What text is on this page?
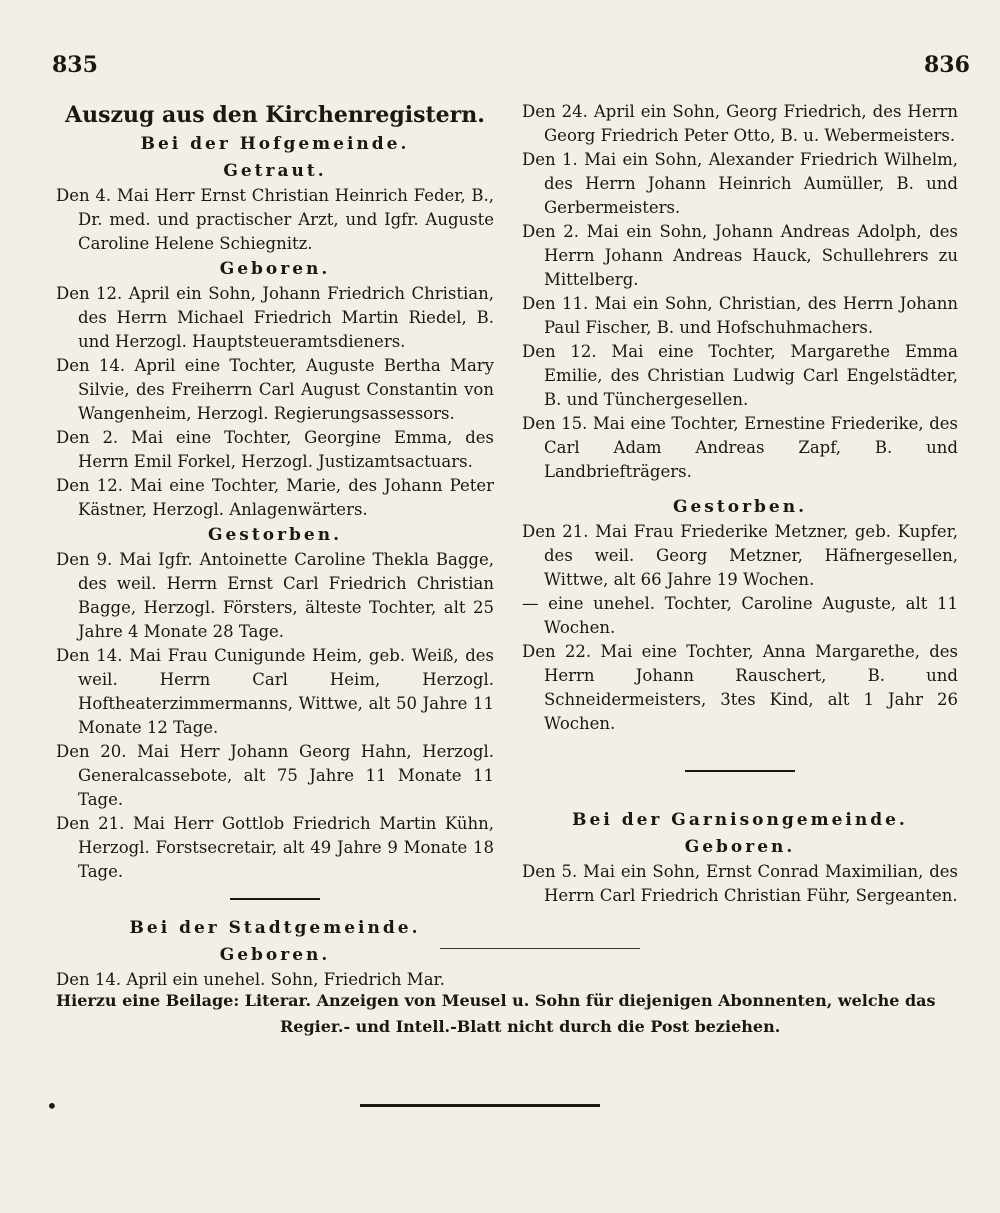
835	836
Auszug aus den Kirchenregistern.
Bei der Hofgemeinde.
Getraut.

Den 4. Mai Herr Ernst Christian Heinrich Feder, B., Dr. med. und practischer Arzt, und Igfr. Auguste Caroline Helene Schiegnitz.

Geboren.

Den 12. April ein Sohn, Johann Friedrich Christian, des Herrn Michael Friedrich Martin Riedel, B. und Herzogl. Hauptsteueramtsdieners.

Den 14. April eine Tochter, Auguste Bertha Mary Silvie, des Freiherrn Carl August Constantin von Wangenheim, Herzogl. Regierungsassessors.

Den 2. Mai eine Tochter, Georgine Emma, des Herrn Emil Forkel, Herzogl. Justizamtsactuars.

Den 12. Mai eine Tochter, Marie, des Johann Peter Kästner, Herzogl. Anlagenwärters.

Gestorben.

Den 9. Mai Igfr. Antoinette Caroline Thekla Bagge, des weil. Herrn Ernst Carl Friedrich Christian Bagge, Herzogl. Försters, älteste Tochter, alt 25 Jahre 4 Monate 28 Tage.

Den 14. Mai Frau Cunigunde Heim, geb. Weiß, des weil. Herrn Carl Heim, Herzogl. Hoftheaterzimmermanns, Wittwe, alt 50 Jahre 11 Monate 12 Tage.

Den 20. Mai Herr Johann Georg Hahn, Herzogl. Generalcassebote, alt 75 Jahre 11 Monate 11 Tage.

Den 21. Mai Herr Gottlob Friedrich Martin Kühn, Herzogl. Forstsecretair, alt 49 Jahre 9 Monate 18 Tage.

Bei der Stadtgemeinde.
Geboren.

Den 14. April ein unehel. Sohn, Friedrich Mar.

Den 24. April ein Sohn, Georg Friedrich, des Herrn Georg Friedrich Peter Otto, B. u. Webermeisters.

Den 1. Mai ein Sohn, Alexander Friedrich Wilhelm, des Herrn Johann Heinrich Aumüller, B. und Gerbermeisters.

Den 2. Mai ein Sohn, Johann Andreas Adolph, des Herrn Johann Andreas Hauck, Schullehrers zu Mittelberg.

Den 11. Mai ein Sohn, Christian, des Herrn Johann Paul Fischer, B. und Hofschuhmachers.

Den 12. Mai eine Tochter, Margarethe Emma Emilie, des Christian Ludwig Carl Engelstädter, B. und Tünchergesellen.

Den 15. Mai eine Tochter, Ernestine Friederike, des Carl Adam Andreas Zapf, B. und Landbriefträgers.

Gestorben.

Den 21. Mai Frau Friederike Metzner, geb. Kupfer, des weil. Georg Metzner, Häfnergesellen, Wittwe, alt 66 Jahre 19 Wochen.

— eine unehel. Tochter, Caroline Auguste, alt 11 Wochen.

Den 22. Mai eine Tochter, Anna Margarethe, des Herrn Johann Rauschert, B. und Schneidermeisters, 3tes Kind, alt 1 Jahr 26 Wochen.

Bei der Garnisongemeinde.
Geboren.

Den 5. Mai ein Sohn, Ernst Conrad Maximilian, des Herrn Carl Friedrich Christian Führ, Sergeanten.

Hierzu eine Beilage: Literar. Anzeigen von Meusel u. Sohn für diejenigen Abonnenten, welche das
Regier.- und Intell.-Blatt nicht durch die Post beziehen.

•
